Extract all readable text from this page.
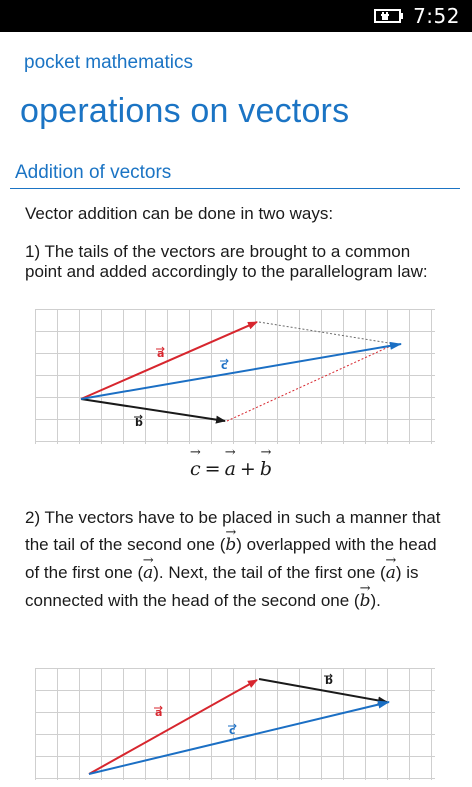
7:52
pocket mathematics
operations on vectors
Addition of vectors
Vector addition can be done in two ways:
1) The tails of the vectors are brought to a common point and added accordingly to the parallelogram law:
a
c
b
→ c = → a + → b
2) The vectors have to be placed in such a manner that the tail of the second one (→ b) overlapped with the head of the first one (→ a). Next, the tail of the first one (→ a) is connected with the head of the second one (→ b).
a
b
c
